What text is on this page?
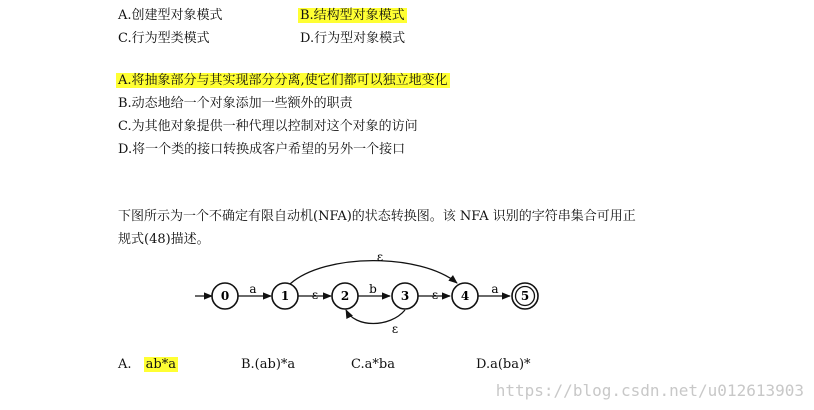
A.创建型对象模式	B.结构型对象模式
C.行为型类模式	D.行为型对象模式
A.将抽象部分与其实现部分分离,使它们都可以独立地变化
B.动态地给一个对象添加一些额外的职责
C.为其他对象提供一种代理以控制对这个对象的访问
D.将一个类的接口转换成客户希望的另外一个接口
下图所示为一个不确定有限自动机(NFA)的状态转换图。该 NFA 识别的字符串集合可用正
规式(48)描述。
0	1	2	3	4	5
a	ε	b	ε	a
ε
ε
A. ab*a	B.(ab)*a	C.a*ba	D.a(ba)*
https://blog.csdn.net/u012613903
